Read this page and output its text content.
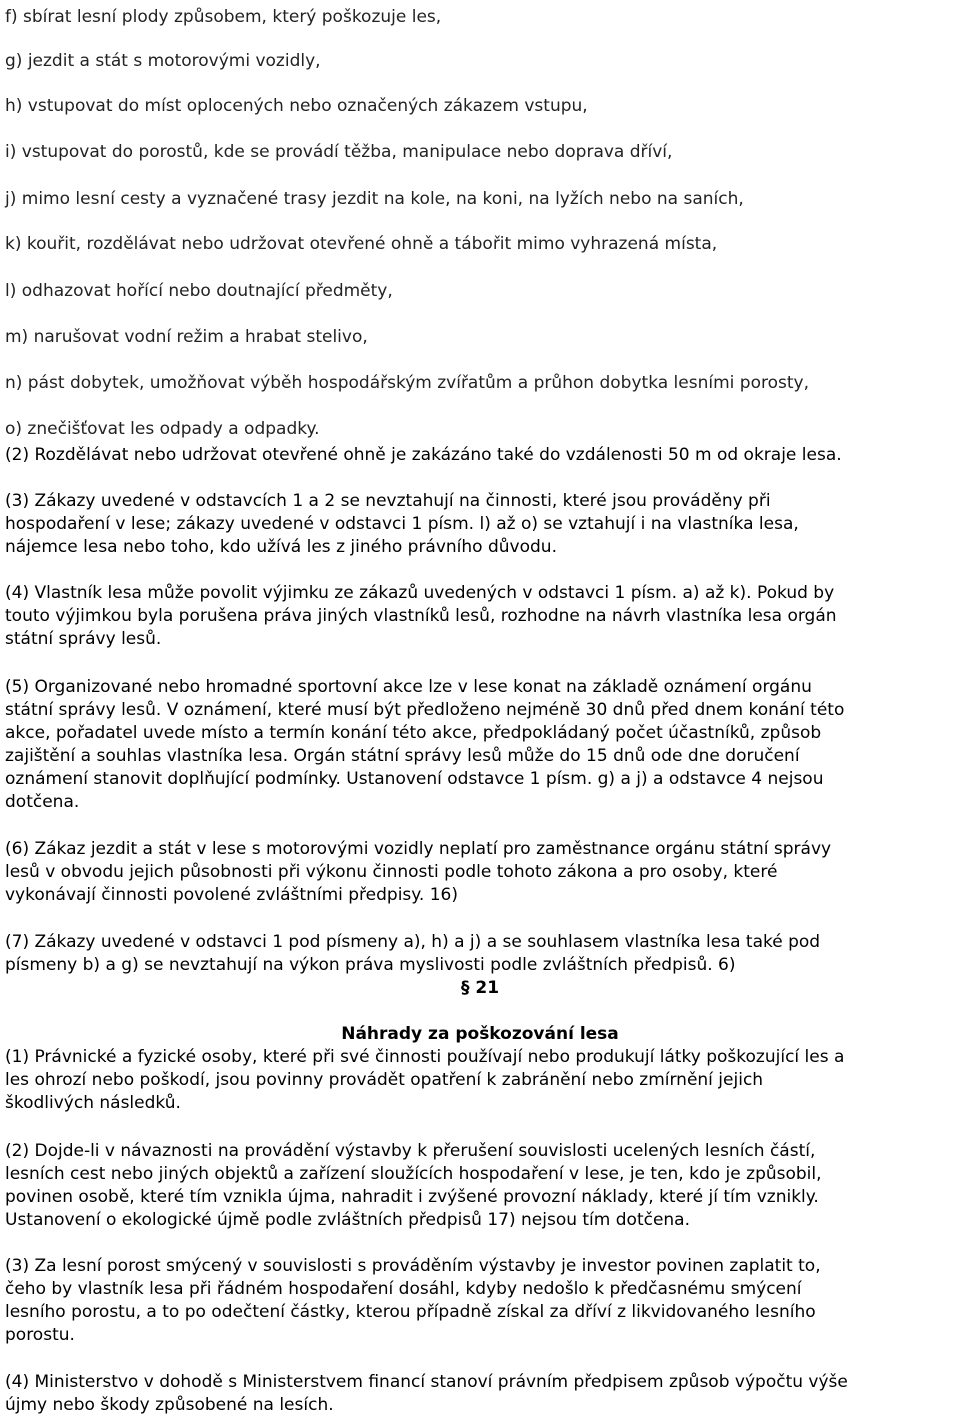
f) sbírat lesní plody způsobem, který poškozuje les,
g) jezdit a stát s motorovými vozidly,
h) vstupovat do míst oplocených nebo označených zákazem vstupu,
i) vstupovat do porostů, kde se provádí těžba, manipulace nebo doprava dříví,
j) mimo lesní cesty a vyznačené trasy jezdit na kole, na koni, na lyžích nebo na saních,
k) kouřit, rozdělávat nebo udržovat otevřené ohně a tábořit mimo vyhrazená místa,
l) odhazovat hořící nebo doutnající předměty,
m) narušovat vodní režim a hrabat stelivo,
n) pást dobytek, umožňovat výběh hospodářským zvířatům a průhon dobytka lesními porosty,
o) znečišťovat les odpady a odpadky.
(2) Rozdělávat nebo udržovat otevřené ohně je zakázáno také do vzdálenosti 50 m od okraje lesa.
(3) Zákazy uvedené v odstavcích 1 a 2 se nevztahují na činnosti, které jsou prováděny při
hospodaření v lese; zákazy uvedené v odstavci 1 písm. l) až o) se vztahují i na vlastníka lesa,
nájemce lesa nebo toho, kdo užívá les z jiného právního důvodu.
(4) Vlastník lesa může povolit výjimku ze zákazů uvedených v odstavci 1 písm. a) až k). Pokud by
touto výjimkou byla porušena práva jiných vlastníků lesů, rozhodne na návrh vlastníka lesa orgán
státní správy lesů.
(5) Organizované nebo hromadné sportovní akce lze v lese konat na základě oznámení orgánu
státní správy lesů. V oznámení, které musí být předloženo nejméně 30 dnů před dnem konání této
akce, pořadatel uvede místo a termín konání této akce, předpokládaný počet účastníků, způsob
zajištění a souhlas vlastníka lesa. Orgán státní správy lesů může do 15 dnů ode dne doručení
oznámení stanovit doplňující podmínky. Ustanovení odstavce 1 písm. g) a j) a odstavce 4 nejsou
dotčena.
(6) Zákaz jezdit a stát v lese s motorovými vozidly neplatí pro zaměstnance orgánu státní správy
lesů v obvodu jejich působnosti při výkonu činnosti podle tohoto zákona a pro osoby, které
vykonávají činnosti povolené zvláštními předpisy. 16)
(7) Zákazy uvedené v odstavci 1 pod písmeny a), h) a j) a se souhlasem vlastníka lesa také pod
písmeny b) a g) se nevztahují na výkon práva myslivosti podle zvláštních předpisů. 6)
§ 21
Náhrady za poškozování lesa
(1) Právnické a fyzické osoby, které při své činnosti používají nebo produkují látky poškozující les a
les ohrozí nebo poškodí, jsou povinny provádět opatření k zabránění nebo zmírnění jejich
škodlivých následků.
(2) Dojde-li v návaznosti na provádění výstavby k přerušení souvislosti ucelených lesních částí,
lesních cest nebo jiných objektů a zařízení sloužících hospodaření v lese, je ten, kdo je způsobil,
povinen osobě, které tím vznikla újma, nahradit i zvýšené provozní náklady, které jí tím vznikly.
Ustanovení o ekologické újmě podle zvláštních předpisů 17) nejsou tím dotčena.
(3) Za lesní porost smýcený v souvislosti s prováděním výstavby je investor povinen zaplatit to,
čeho by vlastník lesa při řádném hospodaření dosáhl, kdyby nedošlo k předčasnému smýcení
lesního porostu, a to po odečtení částky, kterou případně získal za dříví z likvidovaného lesního
porostu.
(4) Ministerstvo v dohodě s Ministerstvem financí stanoví právním předpisem způsob výpočtu výše
újmy nebo škody způsobené na lesích.
